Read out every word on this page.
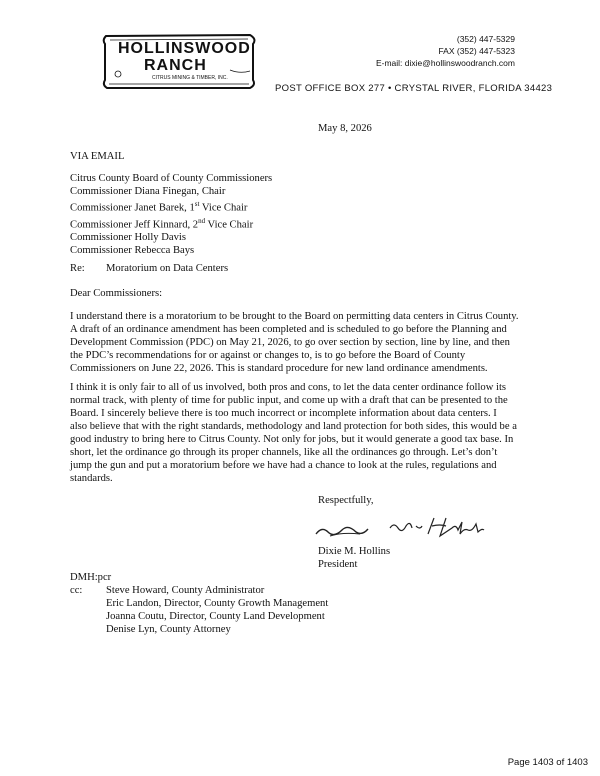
HOLLINSWOOD
RANCH
CITRUS MINING & TIMBER, INC.
(352) 447-5329
FAX (352) 447-5323
E-mail: dixie@hollinswoodranch.com
POST OFFICE BOX 277 • CRYSTAL RIVER, FLORIDA 34423
May 8, 2026
VIA EMAIL
Citrus County Board of County Commissioners
Commissioner Diana Finegan, Chair
Commissioner Janet Barek, 1st Vice Chair
Commissioner Jeff Kinnard, 2nd Vice Chair
Commissioner Holly Davis
Commissioner Rebecca Bays
Re: Moratorium on Data Centers
Dear Commissioners:
I understand there is a moratorium to be brought to the Board on permitting data centers in Citrus County.
A draft of an ordinance amendment has been completed and is scheduled to go before the Planning and
Development Commission (PDC) on May 21, 2026, to go over section by section, line by line, and then
the PDC’s recommendations for or against or changes to, is to go before the Board of County
Commissioners on June 22, 2026. This is standard procedure for new land ordinance amendments.
I think it is only fair to all of us involved, both pros and cons, to let the data center ordinance follow its
normal track, with plenty of time for public input, and come up with a draft that can be presented to the
Board. I sincerely believe there is too much incorrect or incomplete information about data centers. I
also believe that with the right standards, methodology and land protection for both sides, this would be a
good industry to bring here to Citrus County. Not only for jobs, but it would generate a good tax base. In
short, let the ordinance go through its proper channels, like all the ordinances go through. Let’s don’t
jump the gun and put a moratorium before we have had a chance to look at the rules, regulations and
standards.
Respectfully,
Dixie M. Hollins
President
DMH:pcr
cc: Steve Howard, County Administrator
Eric Landon, Director, County Growth Management
Joanna Coutu, Director, County Land Development
Denise Lyn, County Attorney
Page 1403 of 1403
